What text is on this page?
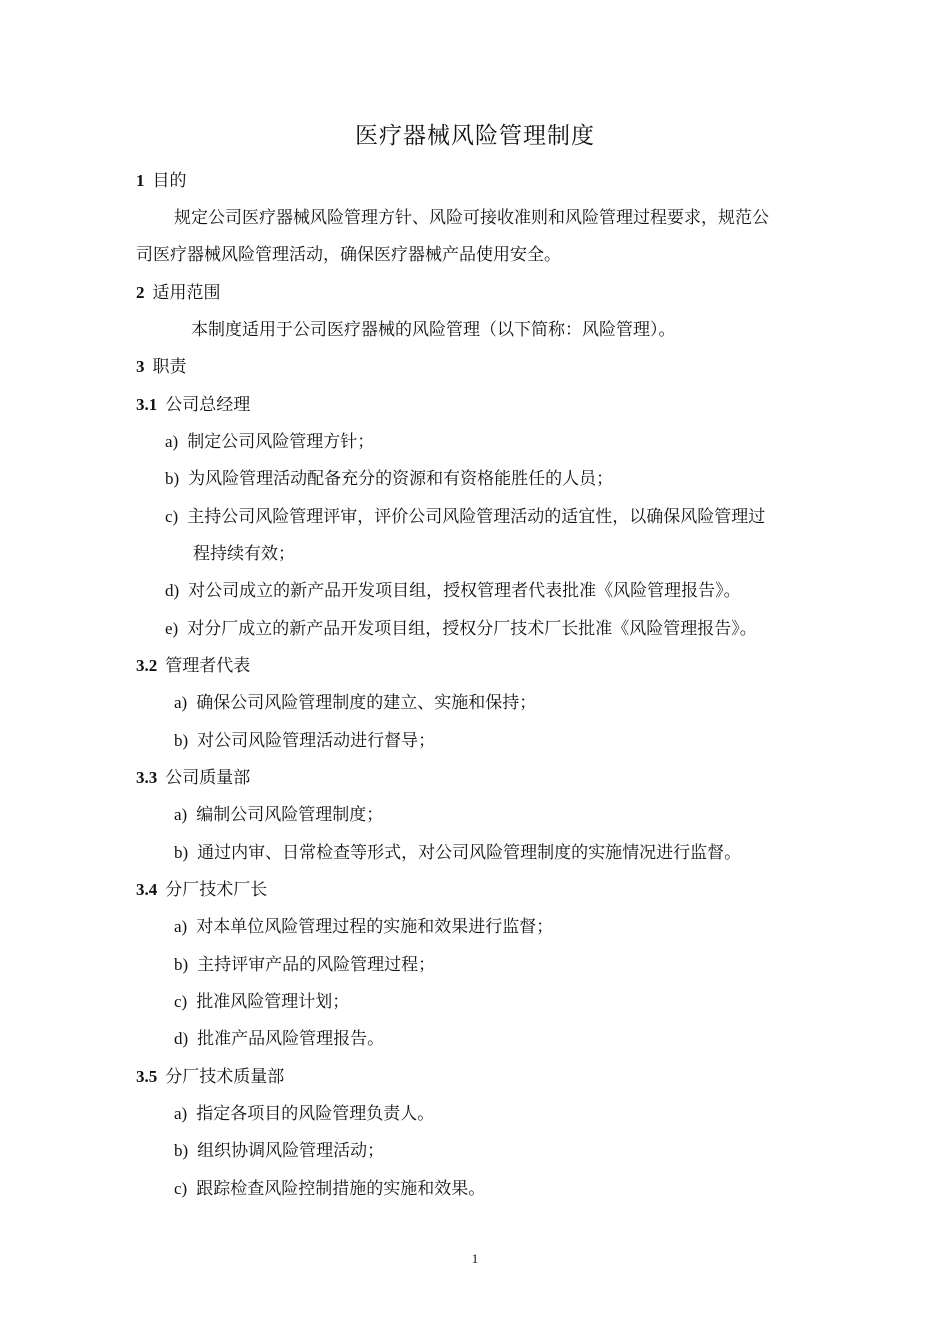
医疗器械风险管理制度
1 目的
规定公司医疗器械风险管理方针、风险可接收准则和风险管理过程要求，规范公
司医疗器械风险管理活动，确保医疗器械产品使用安全。
2 适用范围
本制度适用于公司医疗器械的风险管理（以下简称：风险管理）。
3 职责
3.1 公司总经理
a) 制定公司风险管理方针；
b) 为风险管理活动配备充分的资源和有资格能胜任的人员；
c) 主持公司风险管理评审，评价公司风险管理活动的适宜性，以确保风险管理过
程持续有效；
d) 对公司成立的新产品开发项目组，授权管理者代表批准《风险管理报告》。
e) 对分厂成立的新产品开发项目组，授权分厂技术厂长批准《风险管理报告》。
3.2 管理者代表
a) 确保公司风险管理制度的建立、实施和保持；
b) 对公司风险管理活动进行督导；
3.3 公司质量部
a) 编制公司风险管理制度；
b) 通过内审、日常检查等形式，对公司风险管理制度的实施情况进行监督。
3.4 分厂技术厂长
a) 对本单位风险管理过程的实施和效果进行监督；
b) 主持评审产品的风险管理过程；
c) 批准风险管理计划；
d) 批准产品风险管理报告。
3.5 分厂技术质量部
a) 指定各项目的风险管理负责人。
b) 组织协调风险管理活动；
c) 跟踪检查风险控制措施的实施和效果。
1
